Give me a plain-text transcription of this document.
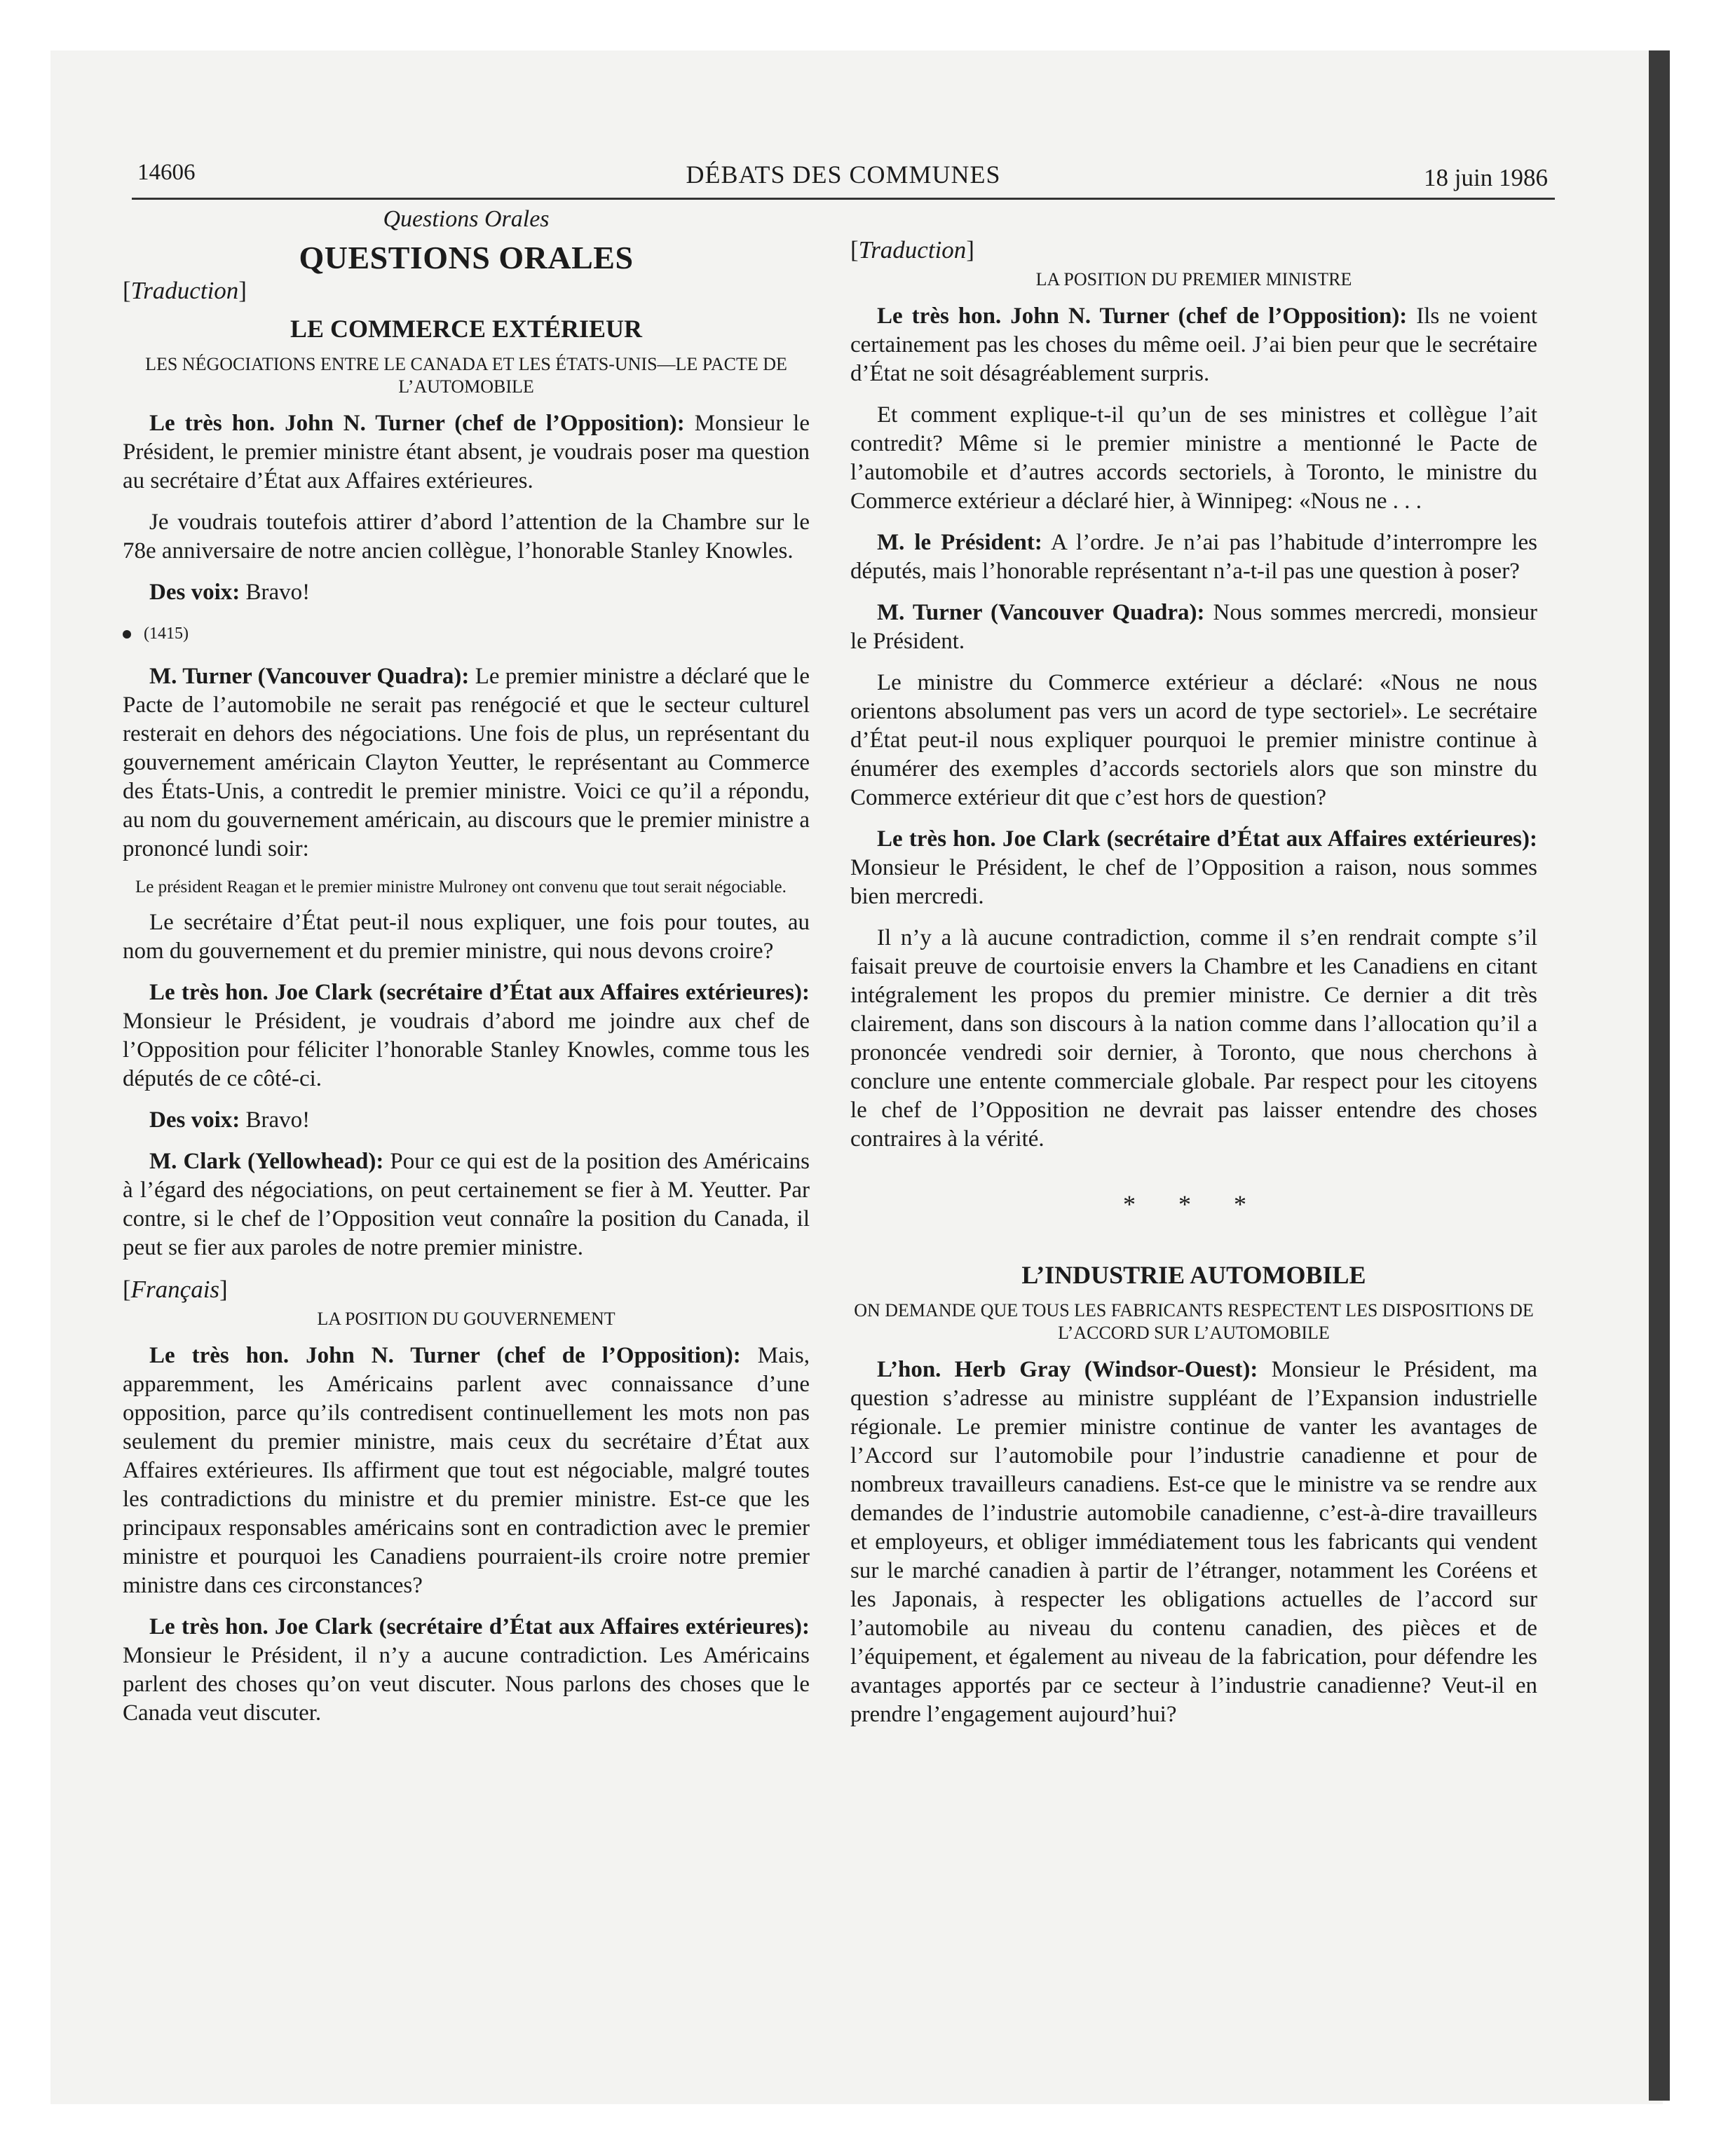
14606	DÉBATS DES COMMUNES	18 juin 1986
Questions Orales
QUESTIONS ORALES
[Traduction]
LE COMMERCE EXTÉRIEUR
LES NÉGOCIATIONS ENTRE LE CANADA ET LES ÉTATS-UNIS—LE PACTE DE L’AUTOMOBILE

Le très hon. John N. Turner (chef de l’Opposition): Monsieur le Président, le premier ministre étant absent, je voudrais poser ma question au secrétaire d’État aux Affaires extérieures.

Je voudrais toutefois attirer d’abord l’attention de la Chambre sur le 78e anniversaire de notre ancien collègue, l’honorable Stanley Knowles.

Des voix: Bravo!

(1415)

M. Turner (Vancouver Quadra): Le premier ministre a déclaré que le Pacte de l’automobile ne serait pas renégocié et que le secteur culturel resterait en dehors des négociations. Une fois de plus, un représentant du gouvernement américain Clayton Yeutter, le représentant au Commerce des États-Unis, a contredit le premier ministre. Voici ce qu’il a répondu, au nom du gouvernement américain, au discours que le premier ministre a prononcé lundi soir:

Le président Reagan et le premier ministre Mulroney ont convenu que tout serait négociable.

Le secrétaire d’État peut-il nous expliquer, une fois pour toutes, au nom du gouvernement et du premier ministre, qui nous devons croire?

Le très hon. Joe Clark (secrétaire d’État aux Affaires extérieures): Monsieur le Président, je voudrais d’abord me joindre aux chef de l’Opposition pour féliciter l’honorable Stanley Knowles, comme tous les députés de ce côté-ci.

Des voix: Bravo!

M. Clark (Yellowhead): Pour ce qui est de la position des Américains à l’égard des négociations, on peut certainement se fier à M. Yeutter. Par contre, si le chef de l’Opposition veut connaîre la position du Canada, il peut se fier aux paroles de notre premier ministre.

[Français]
LA POSITION DU GOUVERNEMENT

Le très hon. John N. Turner (chef de l’Opposition): Mais, apparemment, les Américains parlent avec connaissance d’une opposition, parce qu’ils contredisent continuellement les mots non pas seulement du premier ministre, mais ceux du secrétaire d’État aux Affaires extérieures. Ils affirment que tout est négociable, malgré toutes les contradictions du ministre et du premier ministre. Est-ce que les principaux responsables américains sont en contradiction avec le premier ministre et pourquoi les Canadiens pourraient-ils croire notre premier ministre dans ces circonstances?

Le très hon. Joe Clark (secrétaire d’État aux Affaires extérieures): Monsieur le Président, il n’y a aucune contradiction. Les Américains parlent des choses qu’on veut discuter. Nous parlons des choses que le Canada veut discuter.

[Traduction]
LA POSITION DU PREMIER MINISTRE

Le très hon. John N. Turner (chef de l’Opposition): Ils ne voient certainement pas les choses du même oeil. J’ai bien peur que le secrétaire d’État ne soit désagréablement surpris.

Et comment explique-t-il qu’un de ses ministres et collègue l’ait contredit? Même si le premier ministre a mentionné le Pacte de l’automobile et d’autres accords sectoriels, à Toronto, le ministre du Commerce extérieur a déclaré hier, à Winnipeg: «Nous ne . . .

M. le Président: A l’ordre. Je n’ai pas l’habitude d’interrompre les députés, mais l’honorable représentant n’a-t-il pas une question à poser?

M. Turner (Vancouver Quadra): Nous sommes mercredi, monsieur le Président.

Le ministre du Commerce extérieur a déclaré: «Nous ne nous orientons absolument pas vers un acord de type sectoriel». Le secrétaire d’État peut-il nous expliquer pourquoi le premier ministre continue à énumérer des exemples d’accords sectoriels alors que son minstre du Commerce extérieur dit que c’est hors de question?

Le très hon. Joe Clark (secrétaire d’État aux Affaires extérieures): Monsieur le Président, le chef de l’Opposition a raison, nous sommes bien mercredi.

Il n’y a là aucune contradiction, comme il s’en rendrait compte s’il faisait preuve de courtoisie envers la Chambre et les Canadiens en citant intégralement les propos du premier ministre. Ce dernier a dit très clairement, dans son discours à la nation comme dans l’allocation qu’il a prononcée vendredi soir dernier, à Toronto, que nous cherchons à conclure une entente commerciale globale. Par respect pour les citoyens le chef de l’Opposition ne devrait pas laisser entendre des choses contraires à la vérité.

* * *
L’INDUSTRIE AUTOMOBILE
ON DEMANDE QUE TOUS LES FABRICANTS RESPECTENT LES DISPOSITIONS DE L’ACCORD SUR L’AUTOMOBILE

L’hon. Herb Gray (Windsor-Ouest): Monsieur le Président, ma question s’adresse au ministre suppléant de l’Expansion industrielle régionale. Le premier ministre continue de vanter les avantages de l’Accord sur l’automobile pour l’industrie canadienne et pour de nombreux travailleurs canadiens. Est-ce que le ministre va se rendre aux demandes de l’industrie automobile canadienne, c’est-à-dire travailleurs et employeurs, et obliger immédiatement tous les fabricants qui vendent sur le marché canadien à partir de l’étranger, notamment les Coréens et les Japonais, à respecter les obligations actuelles de l’accord sur l’automobile au niveau du contenu canadien, des pièces et de l’équipement, et également au niveau de la fabrication, pour défendre les avantages apportés par ce secteur à l’industrie canadienne? Veut-il en prendre l’engagement aujourd’hui?
